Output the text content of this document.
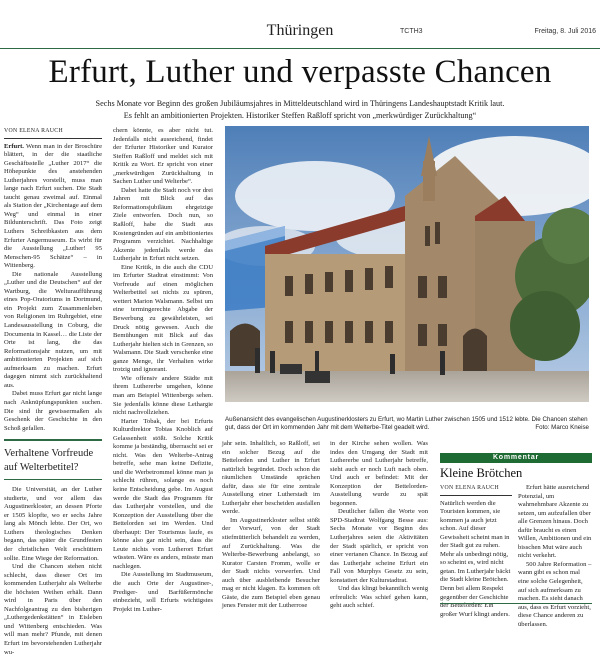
Thüringen	TCTH3	Freitag, 8. Juli 2016
Erfurt, Luther und verpasste Chancen
Sechs Monate vor Beginn des großen Jubiläumsjahres in Mitteldeutschland wird in Thüringens Landeshauptstadt Kritik laut.
Es fehlt an ambitionierten Projekten. Historiker Steffen Raßloff spricht von „merkwürdiger Zurückhaltung“
VON ELENA RAUCH

Erfurt. Wenn man in der Broschüre blättert, in der die staatliche Geschäftsstelle „Luther 2017“ die Höhepunkte des anstehenden Lutherjahres vorstellt, muss man lange nach Erfurt suchen. Die Stadt taucht genau zweimal auf. Einmal als Station der „Kirchentage auf dem Weg“ und einmal in einer Bildunterschrift. Das Foto zeigt Luthers Schreibkasten aus dem Erfurter Angermuseum. Es wirbt für die Ausstellung „Luther! 95 Menschen-95 Schätze“ – in Wittenberg.

Die nationale Ausstellung „Luther und die Deutschen“ auf der Wartburg, die Welturaufführung eines Pop-Oratoriums in Dortmund, ein Projekt zum Zusammenleben von Religionen im Ruhrgebiet, eine Landesausstellung in Coburg, die Documenta in Kassel… die Liste der Orte ist lang, die das Reformationsjahr nutzen, um mit ambitionierten Projekten auf sich aufmerksam zu machen. Erfurt dagegen nimmt sich zurückhaltend aus.

Dabei muss Erfurt gar nicht lange nach Anknüpfungspunkten suchen. Die sind ihr gewissermaßen als Geschenk der Geschichte in den Schoß gefallen.

Verhaltene Vorfreude auf Welterbetitel?

Die Universität, an der Luther studierte, und vor allem das Augustinerkloster, an dessen Pforte er 1505 klopfte, wo er sechs Jahre lang als Mönch lebte. Der Ort, wo Luthers theologisches Denken begann, das später die Grundfesten der christlichen Welt erschüttern sollte. Eine Wiege der Reformation.

Und die Chancen stehen nicht schlecht, dass dieser Ort im kommenden Lutherjahr als Welterbe die höchsten Weihen erhält. Dann wird in Paris über den Nachfolgeantrag zu den bisherigen „Luthergedenkstätten“ in Eisleben und Wittenberg entschieden. Was will man mehr? Pfunde, mit denen Erfurt im bevorstehenden Lutherjahr wu-

chern könnte, es aber nicht tut. Jedenfalls nicht ausreichend, findet der Erfurter Historiker und Kurator Steffen Raßloff und meldet sich mit Kritik zu Wort. Er spricht von einer „merkwürdigen Zurückhaltung in Sachen Luther und Welterbe“.

Dabei hatte die Stadt noch vor drei Jahren mit Blick auf das Reformationsjubiläum ehrgeizige Ziele entworfen. Doch nun, so Raßloff, habe die Stadt aus Kostengründen auf ein ambitioniertes Programm verzichtet. Nachhaltige Akzente jedenfalls werde das Lutherjahr in Erfurt nicht setzen.

Eine Kritik, in die auch die CDU im Erfurter Stadtrat einstimmt: Von Vorfreude auf einen möglichen Welterbetitel sei nichts zu spüren, wettert Marion Walsmann. Selbst um eine termingerechte Abgabe der Bewerbung zu gewährleisten, sei Druck nötig gewesen. Auch die Bemühungen mit Blick auf das Lutherjahr hielten sich in Grenzen, so Walsmann. Die Stadt verschenke eine ganze Menge, ihr Verhalten wirke trotzig und ignorant.

Wie offensiv andere Städte mit ihrem Luthererbe umgehen, könne man am Beispiel Wittenbergs sehen. Sie jedenfalls könne diese Lethargie nicht nachvollziehen.

Harter Tobak, der bei Erfurts Kulturdirektor Tobias Knoblich auf Gelassenheit stößt. Solche Kritik komme ja beständig, überrascht sei er nicht. Was den Welterbe-Antrag betreffe, sehe man keine Defizite, und die Werbetrommel könne man ja schlecht rühren, solange es noch keine Entscheidung gebe. Im August werde die Stadt das Programm für das Lutherjahr vorstellen, und die Konzeption der Ausstellung über die Bettelorden sei im Werden. Und überhaupt: Der Tourismus laufe, es könne also gar nicht sein, dass die Leute nichts vom Lutherort Erfurt wüssten. Wäre es anders, müsste man nachlegen.

Die Ausstellung im Stadtmuseum, die auch Orte der Augustiner-, Prediger- und Barfüßermönche einbezieht, soll Erfurts wichtigstes Projekt im Luther-

Außenansicht des evangelischen Augustinerklosters zu Erfurt, wo Martin Luther zwischen 1505 und 1512 lebte. Die Chancen stehen gut, dass der Ort im kommenden Jahr mit dem Welterbe-Titel geadelt wird.	Foto: Marco Kneise

jahr sein. Inhaltlich, so Raßloff, sei ein solcher Bezug auf die Bettelorden und Luther in Erfurt natürlich begründet. Doch schon die räumlichen Umstände sprächen dafür, dass sie für eine zentrale Ausstellung einer Lutherstadt im Lutherjahr eher bescheiden ausfallen werde.

Im Augustinerkloster selbst stößt der Vorwurf, von der Stadt stiefmütterlich behandelt zu werden, auf Zurückhaltung. Was die Welterbe-Bewerbung anbelangt, so Kurator Carsten Fromm, wolle er der Stadt nichts vorwerfen. Und auch über ausbleibende Besucher mag er nicht klagen. Es kommen oft Gäste, die zum Beispiel eben genau jenes Fenster mit der Lutherrose

in der Kirche sehen wollen. Was indes den Umgang der Stadt mit Luthererbe und Lutherjahr betreffe, sieht auch er noch Luft nach oben. Und auch er befindet: Mit der Konzeption der Bettelorden-Ausstellung wurde zu spät begonnen.

Deutlicher fallen die Worte von SPD-Stadtrat Wolfgang Besse aus: Sechs Monate vor Beginn des Lutherjahres seien die Aktivitäten der Stadt spärlich, er spricht von einer vertanen Chance. In Bezug auf das Lutherjahr scheine Erfurt ein Fall von Murphys Gesetz zu sein, konstatiert der Kulturstadtrat.

Und das klingt bekanntlich wenig erfreulich: Was schief gehen kann, geht auch schief.

Kommentar
Kleine Brötchen
VON ELENA RAUCH

Natürlich werden die Touristen kommen, sie kommen ja auch jetzt schon. Auf dieser Gewissheit scheint man in der Stadt gut zu ruhen. Mehr als unbedingt nötig, so scheint es, wird nicht getan. Im Lutherjahr bäckt die Stadt kleine Brötchen. Denn bei allem Respekt gegenüber der Geschichte der Bettelorden: Ein großer Wurf klingt anders.

Erfurt hätte ausreichend Potenzial, um wahrnehmbare Akzente zu setzen, um aufzufallen über alle Grenzen hinaus. Doch dafür braucht es einen Willen, Ambitionen und ein bisschen Mut wäre auch nicht verkehrt.

500 Jahre Reformation – wann gibt es schon mal eine solche Gelegenheit, auf sich aufmerksam zu machen. Es sieht danach aus, dass es Erfurt vorzieht, diese Chance anderen zu überlassen.
